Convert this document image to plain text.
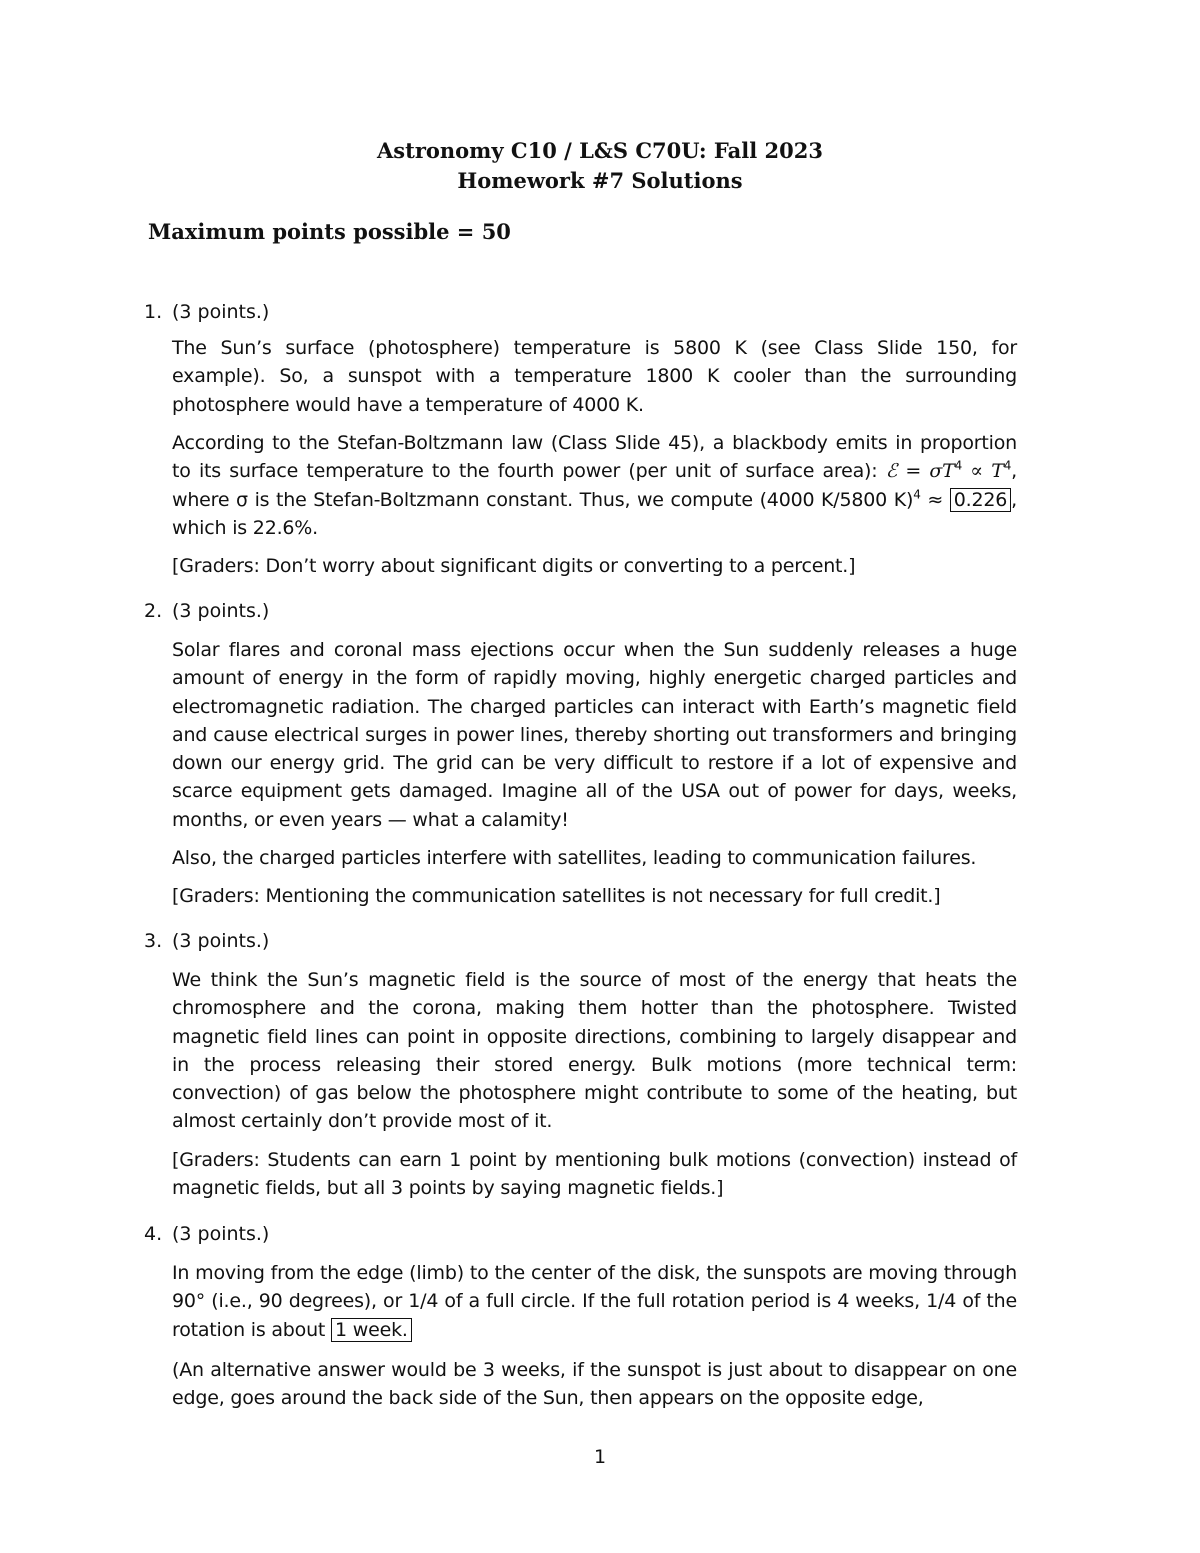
Astronomy C10 / L&S C70U: Fall 2023
Homework #7 Solutions
Maximum points possible = 50
1. (3 points.)

The Sun’s surface (photosphere) temperature is 5800 K (see Class Slide 150, for example). So, a sunspot with a temperature 1800 K cooler than the surrounding photosphere would have a temperature of 4000 K.

According to the Stefan-Boltzmann law (Class Slide 45), a blackbody emits in proportion to its surface temperature to the fourth power (per unit of surface area): ℰ = $\sigma T^4 \propto T^4$, where σ is the Stefan-Boltzmann constant. Thus, we compute (4000 K/5800 K)$^4$ ≈ 0.226 , which is 22.6%.

[Graders: Don’t worry about significant digits or converting to a percent.]

2. (3 points.)

Solar flares and coronal mass ejections occur when the Sun suddenly releases a huge amount of energy in the form of rapidly moving, highly energetic charged particles and electromagnetic radiation. The charged particles can interact with Earth’s magnetic field and cause electrical surges in power lines, thereby shorting out transformers and bringing down our energy grid. The grid can be very difficult to restore if a lot of expensive and scarce equipment gets damaged. Imagine all of the USA out of power for days, weeks, months, or even years — what a calamity!

Also, the charged particles interfere with satellites, leading to communication failures.

[Graders: Mentioning the communication satellites is not necessary for full credit.]

3. (3 points.)

We think the Sun’s magnetic field is the source of most of the energy that heats the chromosphere and the corona, making them hotter than the photosphere. Twisted magnetic field lines can point in opposite directions, combining to largely disappear and in the process releasing their stored energy. Bulk motions (more technical term: convection) of gas below the photosphere might contribute to some of the heating, but almost certainly don’t provide most of it.

[Graders: Students can earn 1 point by mentioning bulk motions (convection) instead of magnetic fields, but all 3 points by saying magnetic fields.]

4. (3 points.)

In moving from the edge (limb) to the center of the disk, the sunspots are moving through 90° (i.e., 90 degrees), or 1/4 of a full circle. If the full rotation period is 4 weeks, 1/4 of the rotation is about 1 week.

(An alternative answer would be 3 weeks, if the sunspot is just about to disappear on one edge, goes around the back side of the Sun, then appears on the opposite edge,

1
